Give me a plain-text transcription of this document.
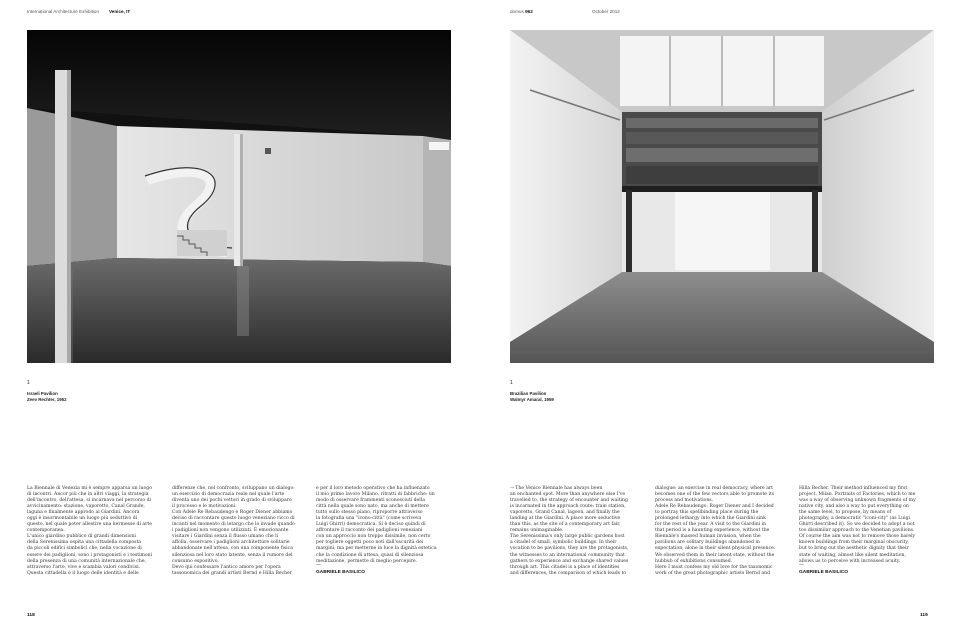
International Architecture Exhibition Venice, IT
1
Israeli Pavilion
Zeev Rechter, 1952
La Biennale di Venezia mi è sempre apparsa un luogo
di incontri. Ancor più che in altri viaggi, la strategia
dell'incontro, dell'attesa, si incarnava nel percorso di
avvicinamento: stazione, vaporetto, Canal Grande,
laguna e finalmente approdo ai Giardini. Ancora
oggi è insormontabile un luogo più seduttivo di
questo, nel quale poter allestire una kermesse di arte
contemporanea.
L'unico giardino pubblico di grandi dimensioni
della Serenissima ospita una cittadella composta
da piccoli edifici simbolici che, nella vocazione di
essere dei padiglioni, sono i protagonisti e i testimoni
della presenza di una comunità internazionale che,
attraverso l'arte, vive e scambia valori condivisi.
Questa cittadella è il luogo delle identità e delle
differenze che, nel confronto, sviluppano un dialogo:
un esercizio di democrazia reale nel quale l'arte
diventa uno dei pochi vettori in grado di sviluppare
il processo e le motivazioni.
Con Adele Re Rebaudengo e Roger Diener abbiamo
deciso di raccontare questo luogo veneziano ricco di
incanti nel momento di letargo che lo invade quando
i padiglioni non vengono utilizzati. È emozionante
visitare i Giardini senza il flusso umano che li
affolla, osservare i padiglioni architetture solitarie
abbandonate nell'attesa, con una componente fisica
silenziosa nel loro stato latente, senza il rumore del
consumo espositivo.
Devo qui confessare l'antico amore per l'opera
tassonomica dei grandi artisti Bernd e Hilla Becher
e per il loro metodo operativo che ha influenzato
il mio primo lavoro Milano, ritratti di fabbriche: un
modo di osservare frammenti sconosciuti della
città nella quale sono nato, ma anche di mettere
tutto sullo stesso piano, riproporre attraverso
la fotografia una "icono-città" (come scriveva
Luigi Ghirri) democratica. Si è deciso quindi di
affrontare il racconto dei padiglioni veneziani
con un approccio non troppo dissimile, non certo
per togliere oggetti poco noti dall'oscurità dei
margini, ma per metterne in luce la dignità estetica
che la condizione di attesa, quasi di silenziosa
meditazione, permette di meglio percepire.
—
GABRIELE BASILICO
118
domus 962	October 2012
1
Brazilian Pavilion
Walmyr Amaral, 1959
→ The Venice Biennale has always been
an enchanted spot. More than anywhere else I've
travelled to, the strategy of encounter and waiting
is incarnated in the approach route: train station,
vaporetto, Grand Canal, lagoon, and finally the
landing at the Giardini. A place more seductive
than this, as the site of a contemporary art fair,
remains unimaginable.
The Serenissima's only large public gardens host
a citadel of small, symbolic buildings. In their
vocation to be pavilions, they are the protagonists,
the witnesses to an international community that
gathers to experience and exchange shared values
through art. This citadel is a place of identities
and differences, the comparison of which leads to
dialogue: an exercise in real democracy, where art
becomes one of the few vectors able to promote its
process and motivations.
Adele Re Rebaudengo, Roger Diener and I decided
to portray this spellbinding place during the
prolonged lethargy into which the Giardini sink
for the rest of the year. A visit to the Giardini in
that period is a haunting experience, without the
Biennale's massed human invasion, when the
pavilions are solitary buildings abandoned in
expectation, alone in their silent physical presence.
We observed them in their latent state, without the
hubbub of exhibitions consumed.
Here I must confess my old love for the taxonomic
work of the great photographic artists Bernd and
Hilla Becher. Their method influenced my first
project, Milan. Portraits of Factories, which to me
was a way of observing unknown fragments of my
native city, and also a way to put everything on
the same level, to propose, by means of
photography, a democratic "iconi-city" (as Luigi
Ghirri described it). So we decided to adopt a not
too dissimilar approach to the Venetian pavilions.
Of course the aim was not to remove those barely
known buildings from their marginal obscurity,
but to bring out the aesthetic dignity that their
state of waiting, almost like silent meditation,
allows us to perceive with increased acuity.
—
GABRIELE BASILICO
119
